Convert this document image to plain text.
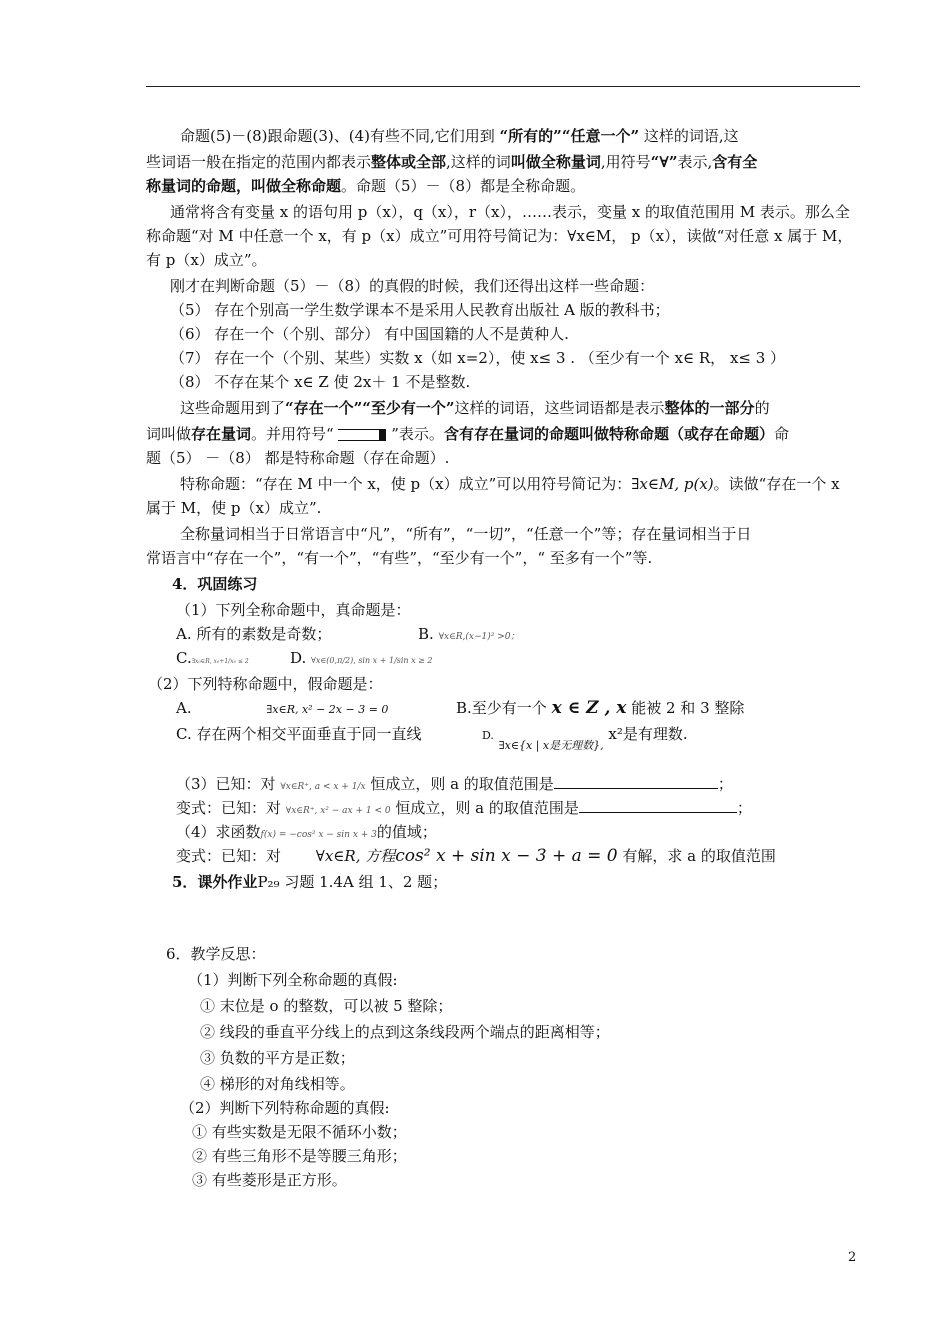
命题(5)－(8)跟命题(3)、(4)有些不同,它们用到 “所有的”“任意一个” 这样的词语,这
些词语一般在指定的范围内都表示整体或全部,这样的词叫做全称量词,用符号“∀”表示,含有全
称量词的命题，叫做全称命题。命题（5）－（8）都是全称命题。
通常将含有变量 x 的语句用 p（x），q（x），r（x），……表示，变量 x 的取值范围用 M 表示。那么全
称命题“对 M 中任意一个 x，有 p（x）成立”可用符号简记为：∀x∈M， p（x），读做“对任意 x 属于 M，
有 p（x）成立”。
刚才在判断命题（5）－（8）的真假的时候，我们还得出这样一些命题：
（5） 存在个别高一学生数学课本不是采用人民教育出版社 A 版的教科书；
（6） 存在一个（个别、部分） 有中国国籍的人不是黄种人.
（7） 存在一个（个别、某些）实数 x（如 x=2），使 x≤ 3 . （至少有一个 x∈ R， x≤ 3 ）
（8） 不存在某个 x∈ Z 使 2x＋ 1 不是整数.
这些命题用到了“存在一个”“至少有一个”这样的词语，这些词语都是表示整体的一部分的
词叫做存在量词。并用符号“	”表示。含有存在量词的命题叫做特称命题（或存在命题）命
题（5） －（8） 都是特称命题（存在命题）.
特称命题：“存在 M 中一个 x，使 p（x）成立”可以用符号简记为：∃x∈M, p(x)。读做“存在一个 x
属于 M，使 p（x）成立”.
全称量词相当于日常语言中“凡”，“所有”，“一切”，“任意一个”等；存在量词相当于日
常语言中“存在一个”，“有一个”，“有些”，“至少有一个”，“ 至多有一个”等.
4．巩固练习
（1）下列全称命题中，真命题是：
A. 所有的素数是奇数；	B. ∀x∈R,(x−1)² >0；
C.∃x₀∈R, x₀+1/x₀ ≤ 2	D. ∀x∈(0,π/2), sin x + 1/sin x ≥ 2
（2）下列特称命题中，假命题是：
A.	∃x∈R, x² − 2x − 3 = 0	B.至少有一个 x ∈ Z , x 能被 2 和 3 整除
C. 存在两个相交平面垂直于同一直线	D. $_{\exists x\in\{x | x是无理数\},}$ x²是有理数.
（3）已知：对 ∀x∈R⁺, a < x + 1/x 恒成立，则 a 的取值范围是	；
变式：已知：对 ∀x∈R⁺, x² − ax + 1 < 0 恒成立，则 a 的取值范围是	；
（4）求函数f(x) = −cos² x − sin x + 3的值域；
变式：已知：对 ∀x∈R, 方程cos² x + sin x − 3 + a = 0 有解，求 a 的取值范围
5．课外作业P₂₉ 习题 1.4A 组 1、2 题；
6．教学反思：
（1）判断下列全称命题的真假:
① 末位是 o 的整数，可以被 5 整除；
② 线段的垂直平分线上的点到这条线段两个端点的距离相等；
③ 负数的平方是正数；
④ 梯形的对角线相等。
（2）判断下列特称命题的真假:
① 有些实数是无限不循环小数；
② 有些三角形不是等腰三角形；
③ 有些菱形是正方形。
2
